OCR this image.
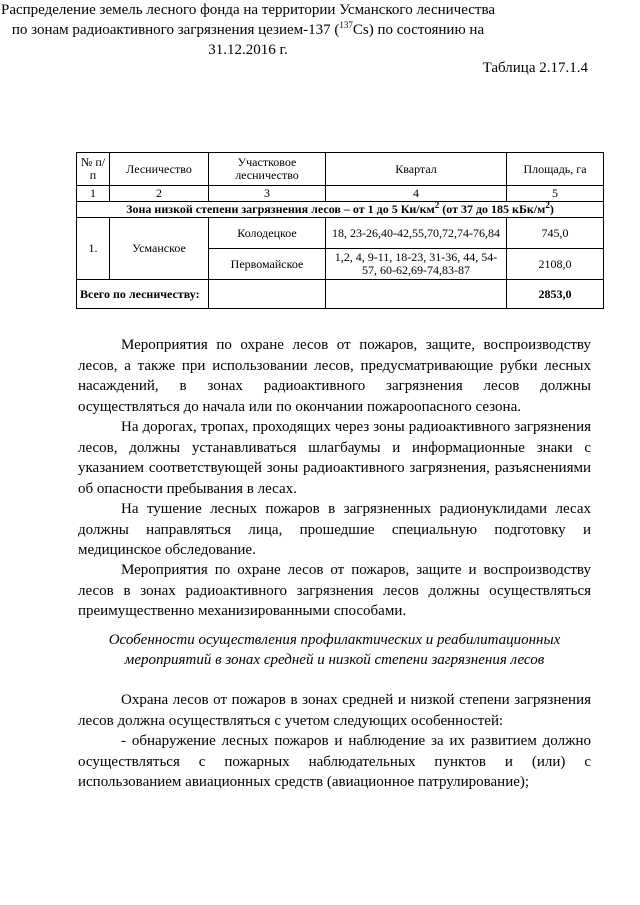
Таблица 2.17.1.4
Распределение земель лесного фонда на территории Усманского лесничества
по зонам радиоактивного загрязнения цезием-137 ($^{137}$Cs) по состоянию на
31.12.2016 г.
№ п/п	Лесничество	Участковое лесничество	Квартал	Площадь, га
1	2	3	4	5
Зона низкой степени загрязнения лесов – от 1 до 5 $Ки/км^2$ (от 37 до 185 кБк/$м^2$)				
1.	Усманское	Колодецкое	18, 23-26,40-42,55,70,72,74-76,84	745,0
		Первомайское	1,2, 4, 9-11, 18-23, 31-36, 44, 54-57, 60-62,69-74,83-87	2108,0
Всего по лесничеству:				2853,0
Мероприятия по охране лесов от пожаров, защите, воспроизводству лесов, а также при использовании лесов, предусматривающие рубки лесных насаждений, в зонах радиоактивного загрязнения лесов должны осуществляться до начала или по окончании пожароопасного сезона.
На дорогах, тропах, проходящих через зоны радиоактивного загрязнения лесов, должны устанавливаться шлагбаумы и информационные знаки с указанием соответствующей зоны радиоактивного загрязнения, разъяснениями об опасности пребывания в лесах.
На тушение лесных пожаров в загрязненных радионуклидами лесах должны направляться лица, прошедшие специальную подготовку и медицинское обследование.
Мероприятия по охране лесов от пожаров, защите и воспроизводству лесов в зонах радиоактивного загрязнения лесов должны осуществляться преимущественно механизированными способами.
Особенности осуществления профилактических и реабилитационных
мероприятий в зонах средней и низкой степени загрязнения лесов
Охрана лесов от пожаров в зонах средней и низкой степени загрязнения лесов должна осуществляться с учетом следующих особенностей:
- обнаружение лесных пожаров и наблюдение за их развитием должно осуществляться с пожарных наблюдательных пунктов и (или) с использованием авиационных средств (авиационное патрулирование);
